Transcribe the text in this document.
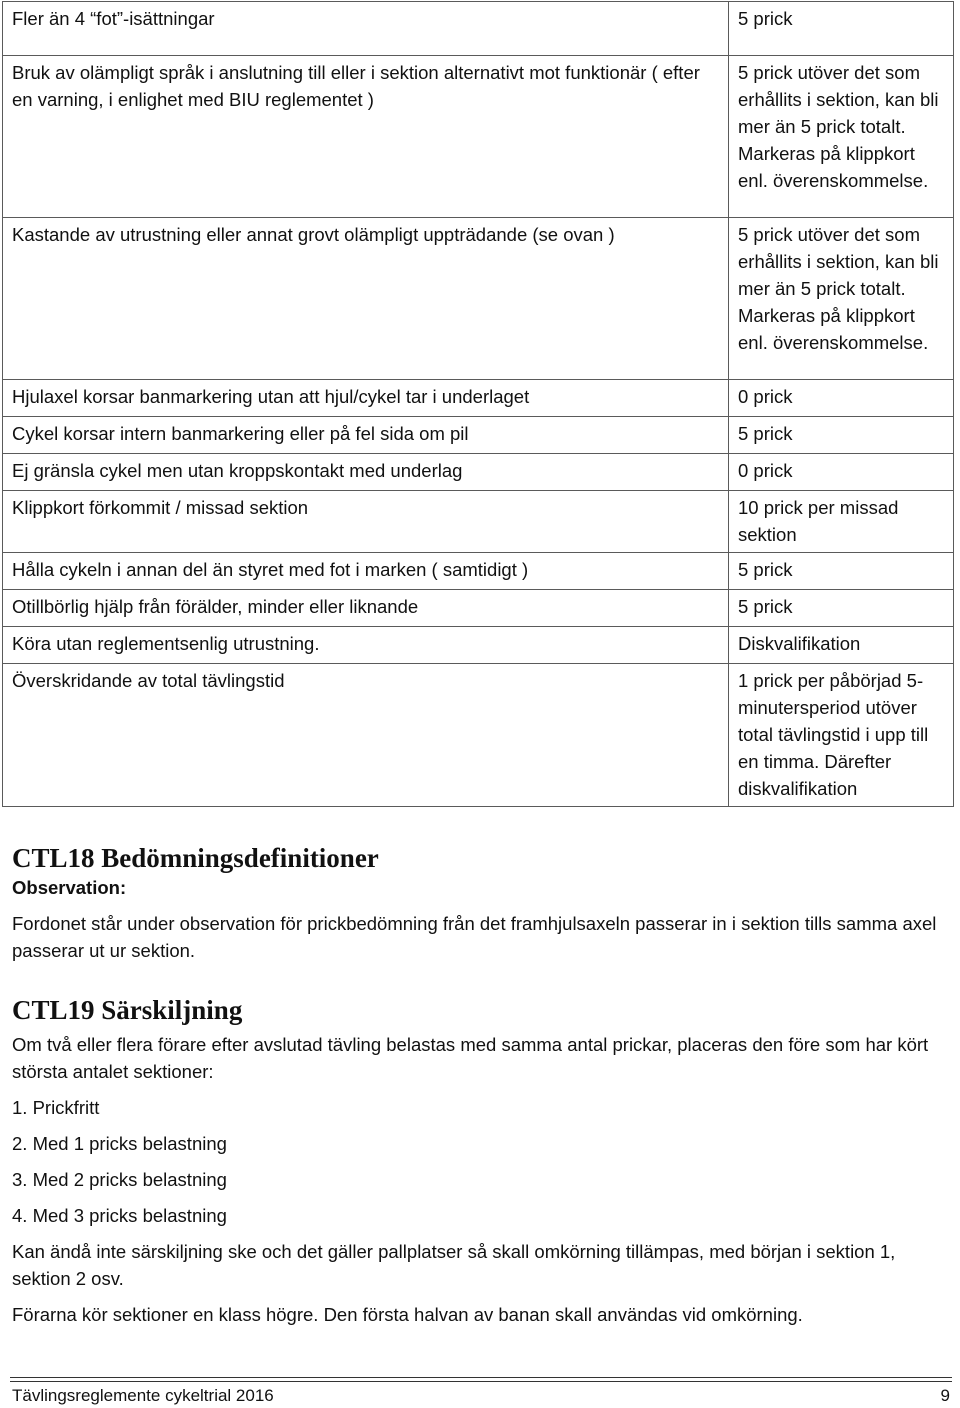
Fler än 4 “fot”-isättningar	5 prick
Bruk av olämpligt språk i anslutning till eller i sektion alternativt mot funktionär ( efter en varning, i enlighet med BIU reglementet )	5 prick utöver det som erhållits i sektion, kan bli mer än 5 prick totalt. Markeras på klippkort enl. överenskommelse.
Kastande av utrustning eller annat grovt olämpligt uppträdande (se ovan )	5 prick utöver det som erhållits i sektion, kan bli mer än 5 prick totalt. Markeras på klippkort enl. överenskommelse.
Hjulaxel korsar banmarkering utan att hjul/cykel tar i underlaget	0 prick
Cykel korsar intern banmarkering eller på fel sida om pil	5 prick
Ej gränsla cykel men utan kroppskontakt med underlag	0 prick
Klippkort förkommit / missad sektion	10 prick per missad sektion
Hålla cykeln i annan del än styret med fot i marken ( samtidigt )	5 prick
Otillbörlig hjälp från förälder, minder eller liknande	5 prick
Köra utan reglementsenlig utrustning.	Diskvalifikation
Överskridande av total tävlingstid	1 prick per påbörjad 5-minutersperiod utöver total tävlingstid i upp till en timma. Därefter diskvalifikation
CTL18 Bedömningsdefinitioner

Observation:

Fordonet står under observation för prickbedömning från det framhjulsaxeln passerar in i sektion tills samma axel passerar ut ur sektion.

CTL19 Särskiljning

Om två eller flera förare efter avslutad tävling belastas med samma antal prickar, placeras den före som har kört största antalet sektioner:

1. Prickfritt

2. Med 1 pricks belastning

3. Med 2 pricks belastning

4. Med 3 pricks belastning

Kan ändå inte särskiljning ske och det gäller pallplatser så skall omkörning tillämpas, med början i sektion 1, sektion 2 osv.

Förarna kör sektioner en klass högre. Den första halvan av banan skall användas vid omkörning.

Tävlingsreglemente cykeltrial 2016	9
